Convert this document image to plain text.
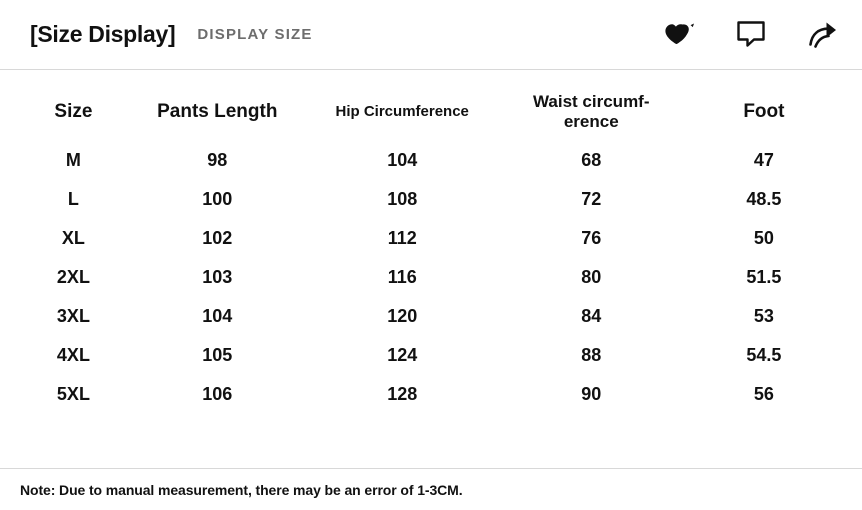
[Size Display] DISPLAY SIZE
Size	Pants Length	Hip Circumference	Waist circumf-
erence	Foot
M	98	104	68	47
L	100	108	72	48.5
XL	102	112	76	50
2XL	103	116	80	51.5
3XL	104	120	84	53
4XL	105	124	88	54.5
5XL	106	128	90	56
Note: Due to manual measurement, there may be an error of 1-3CM.
